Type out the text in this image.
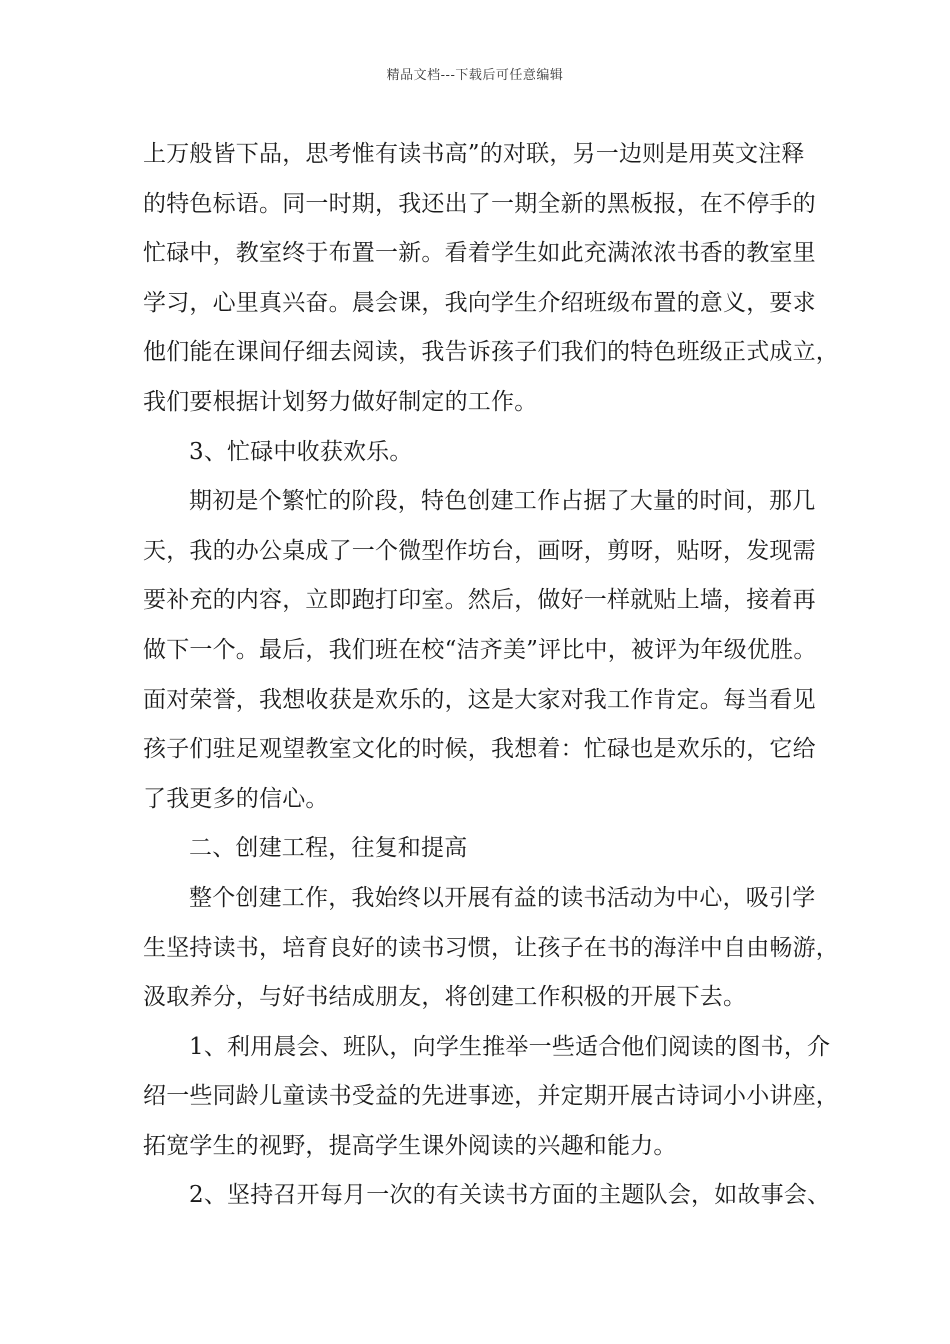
精品文档---下载后可任意编辑
上万般皆下品，思考惟有读书高”的对联，另一边则是用英文注释
的特色标语。同一时期，我还出了一期全新的黑板报，在不停手的
忙碌中，教室终于布置一新。看着学生如此充满浓浓书香的教室里
学习，心里真兴奋。晨会课，我向学生介绍班级布置的意义，要求
他们能在课间仔细去阅读，我告诉孩子们我们的特色班级正式成立，
我们要根据计划努力做好制定的工作。
3、忙碌中收获欢乐。
期初是个繁忙的阶段，特色创建工作占据了大量的时间，那几
天，我的办公桌成了一个微型作坊台，画呀，剪呀，贴呀，发现需
要补充的内容，立即跑打印室。然后，做好一样就贴上墙，接着再
做下一个。最后，我们班在校“洁齐美”评比中，被评为年级优胜。
面对荣誉，我想收获是欢乐的，这是大家对我工作肯定。每当看见
孩子们驻足观望教室文化的时候，我想着：忙碌也是欢乐的，它给
了我更多的信心。
二、创建工程，往复和提高
整个创建工作，我始终以开展有益的读书活动为中心，吸引学
生坚持读书，培育良好的读书习惯，让孩子在书的海洋中自由畅游，
汲取养分，与好书结成朋友，将创建工作积极的开展下去。
1、利用晨会、班队，向学生推举一些适合他们阅读的图书，介
绍一些同龄儿童读书受益的先进事迹，并定期开展古诗词小小讲座，
拓宽学生的视野，提高学生课外阅读的兴趣和能力。
2、坚持召开每月一次的有关读书方面的主题队会，如故事会、
